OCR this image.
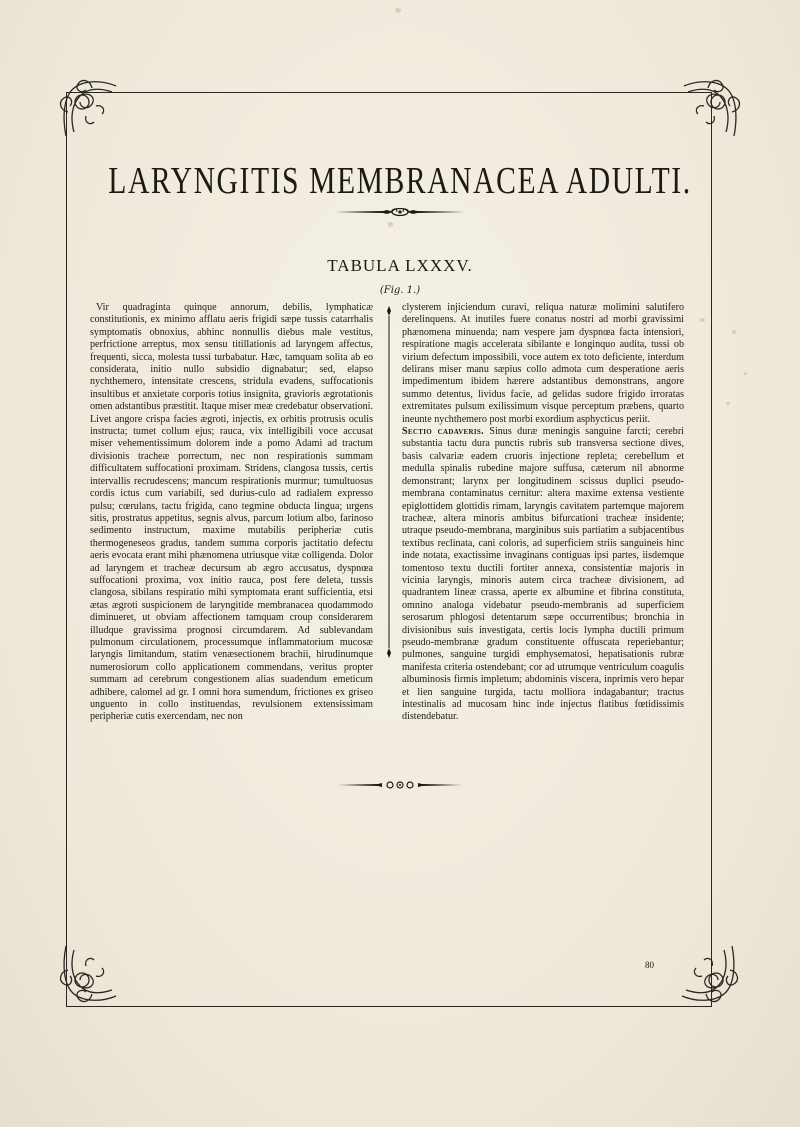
LARYNGITIS MEMBRANACEA ADULTI.
TABULA LXXXV.
(Fig. 1.)

Vir quadraginta quinque annorum, debilis, lymphaticæ constitutionis, ex minimo afflatu aeris frigidi sæpe tussis catarrhalis symptomatis obnoxius, abhinc nonnullis diebus male vestitus, perfrictione arreptus, mox sensu titillationis ad laryngem affectus, frequenti, sicca, molesta tussi turbabatur. Hæc, tamquam solita ab eo considerata, initio nullo subsidio dignabatur; sed, elapso nychthemero, intensitate crescens, stridula evadens, suffocationis insultibus et anxietate corporis totius insignita, gravioris ægrotationis omen adstantibus præstitit. Itaque miser meæ credebatur observationi. Livet angore crispa facies ægroti, injectis, ex orbitis protrusis oculis instructa; tumet collum ejus; rauca, vix intelligibili voce accusat miser vehementissimum dolorem inde a pomo Adami ad tractum divisionis tracheæ porrectum, nec non respirationis summam difficultatem suffocationi proximam. Stridens, clangosa tussis, certis intervallis recrudescens; mancum respirationis murmur; tumultuosus cordis ictus cum variabili, sed durius-culo ad radialem expresso pulsu; cœrulans, tactu frigida, cano tegmine obducta lingua; urgens sitis, prostratus appetitus, segnis alvus, parcum lotium albo, farinoso sedimento instructum, maxime mutabilis peripheriæ cutis thermogeneseos gradus, tandem summa corporis jactitatio defectu aeris evocata erant mihi phænomena utriusque vitæ colligenda. Dolor ad laryngem et tracheæ decursum ab ægro accusatus, dyspnœa suffocationi proxima, vox initio rauca, post fere deleta, tussis clangosa, sibilans respiratio mihi symptomata erant sufficientia, etsi ætas ægroti suspicionem de laryngitide membranacea quodammodo diminueret, ut obviam affectionem tamquam croup considerarem illudque gravissima prognosi circumdarem. Ad sublevandam pulmonum circulationem, processumque inflammatorium mucosæ laryngis limitandum, statim venæsectionem brachii, hirudinumque numerosiorum collo applicationem commendans, veritus propter summam ad cerebrum congestionem alias suadendum emeticum adhibere, calomel ad gr. I omni hora sumendum, frictiones ex griseo unguento in collo instituendas, revulsionem extensissimam peripheriæ cutis exercendam, nec non

clysterem injiciendum curavi, reliqua naturæ molimini salutifero derelinquens. At inutiles fuere conatus nostri ad morbi gravissimi phænomena minuenda; nam vespere jam dyspnœa facta intensiori, respiratione magis accelerata sibilante e longinquo audita, tussi ob virium defectum impossibili, voce autem ex toto deficiente, interdum delirans miser manu sæpius collo admota cum desperatione aeris impedimentum ibidem hærere adstantibus demonstrans, angore summo detentus, lividus facie, ad gelidas sudore frigido irroratas extremitates pulsum exilissimum visque perceptum præbens, quarto ineunte nychthemero post morbi exordium asphycticus periit.

Sectio cadaveris. Sinus duræ meningis sanguine farcti; cerebri substantia tactu dura punctis rubris sub transversa sectione dives, basis calvariæ eadem cruoris injectione repleta; cerebellum et medulla spinalis rubedine majore suffusa, cæterum nil abnorme demonstrant; larynx per longitudinem scissus duplici pseudo-membrana contaminatus cernitur: altera maxime extensa vestiente epiglottidem glottidis rimam, laryngis cavitatem partemque majorem tracheæ, altera minoris ambitus bifurcationi tracheæ insidente; utraque pseudo-membrana, marginibus suis partiatim a subjacentibus textibus reclinata, cani coloris, ad superficiem striis sanguineis hinc inde notata, exactissime invaginans contiguas ipsi partes, iisdemque tomentoso textu ductili fortiter annexa, consistentiæ majoris in vicinia laryngis, minoris autem circa tracheæ divisionem, ad quadrantem lineæ crassa, aperte ex albumine et fibrina constituta, omnino analoga videbatur pseudo-membranis ad superficiem serosarum phlogosi detentarum sæpe occurrentibus; bronchia in divisionibus suis investigata, certis locis lympha ductili primum pseudo-membranæ gradum constituente offuscata reperiebantur; pulmones, sanguine turgidi emphysematosi, hepatisationis rubræ manifesta criteria ostendebant; cor ad utrumque ventriculum coagulis albuminosis firmis impletum; abdominis viscera, inprimis vero hepar et lien sanguine turgida, tactu molliora indagabantur; tractus intestinalis ad mucosam hinc inde injectus flatibus fœtidissimis distendebatur.

80
